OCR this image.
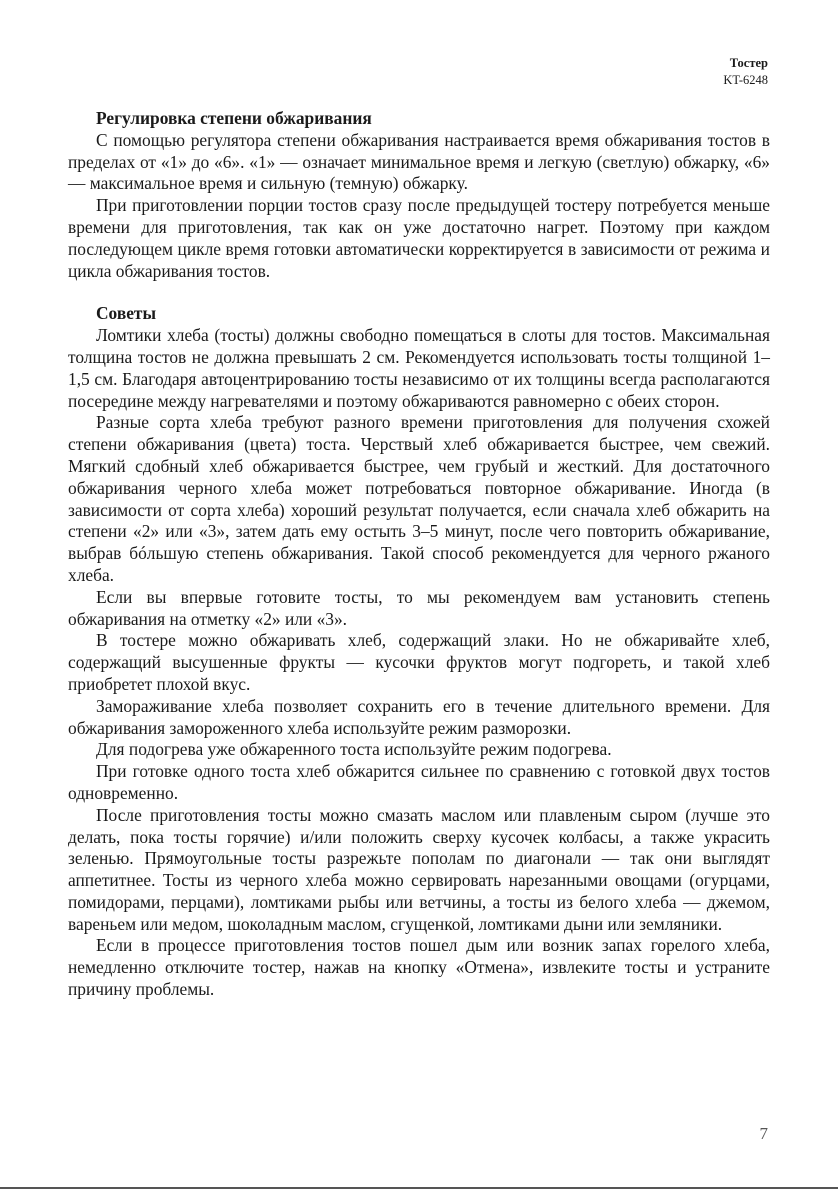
Тостер
KT-6248

Регулировка степени обжаривания

С помощью регулятора степени обжаривания настраивается время обжаривания тостов в пределах от «1» до «6». «1» — означает минимальное время и легкую (светлую) обжарку, «6» — максимальное время и сильную (темную) обжарку.

При приготовлении порции тостов сразу после предыдущей тостеру потребуется меньше времени для приготовления, так как он уже достаточно нагрет. Поэтому при каждом последующем цикле время готовки автоматически корректируется в зависимости от режима и цикла обжаривания тостов.

Советы

Ломтики хлеба (тосты) должны свободно помещаться в слоты для тостов. Максимальная толщина тостов не должна превышать 2 см. Рекомендуется использовать тосты толщиной 1–1,5 см. Благодаря автоцентрированию тосты независимо от их толщины всегда располагаются посередине между нагревателями и поэтому обжариваются равномерно с обеих сторон.

Разные сорта хлеба требуют разного времени приготовления для получения схожей степени обжаривания (цвета) тоста. Черствый хлеб обжаривается быстрее, чем свежий. Мягкий сдобный хлеб обжаривается быстрее, чем грубый и жесткий. Для достаточного обжаривания черного хлеба может потребоваться повторное обжаривание. Иногда (в зависимости от сорта хлеба) хороший результат получается, если сначала хлеб обжарить на степени «2» или «3», затем дать ему остыть 3–5 минут, после чего повторить обжаривание, выбрав бóльшую степень обжаривания. Такой способ рекомендуется для черного ржаного хлеба.

Если вы впервые готовите тосты, то мы рекомендуем вам установить степень обжаривания на отметку «2» или «3».

В тостере можно обжаривать хлеб, содержащий злаки. Но не обжаривайте хлеб, содержащий высушенные фрукты — кусочки фруктов могут подгореть, и такой хлеб приобретет плохой вкус.

Замораживание хлеба позволяет сохранить его в течение длительного времени. Для обжаривания замороженного хлеба используйте режим разморозки.

Для подогрева уже обжаренного тоста используйте режим подогрева.

При готовке одного тоста хлеб обжарится сильнее по сравнению с готовкой двух тостов одновременно.

После приготовления тосты можно смазать маслом или плавленым сыром (лучше это делать, пока тосты горячие) и/или положить сверху кусочек колбасы, а также украсить зеленью. Прямоугольные тосты разрежьте пополам по диагонали — так они выглядят аппетитнее. Тосты из черного хлеба можно сервировать нарезанными овощами (огурцами, помидорами, перцами), ломтиками рыбы или ветчины, а тосты из белого хлеба — джемом, вареньем или медом, шоколадным маслом, сгущенкой, ломтиками дыни или земляники.

Если в процессе приготовления тостов пошел дым или возник запах горелого хлеба, немедленно отключите тостер, нажав на кнопку «Отмена», извлеките тосты и устраните причину проблемы.

7
